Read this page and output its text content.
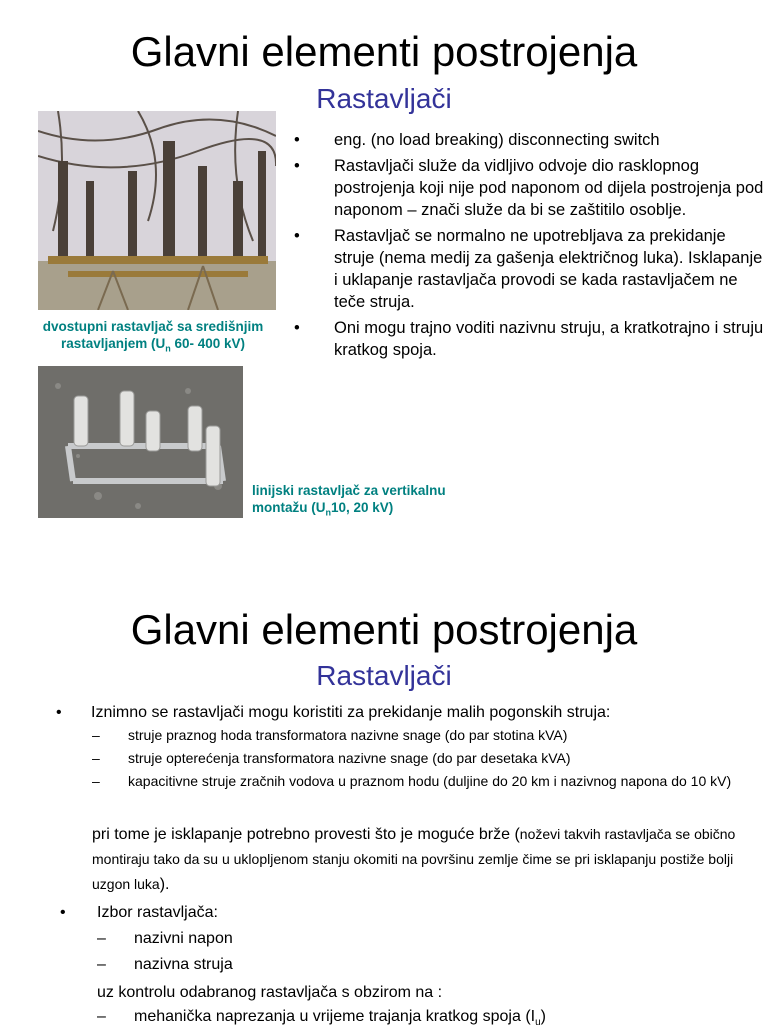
Glavni elementi postrojenja
Rastavljači
dvostupni rastavljač sa središnjim
rastavljanjem ($U_n$ 60- 400 kV)
linijski rastavljač za vertikalnu
montažu ($U_n10$, 20 kV)
• eng. (no load breaking) disconnecting switch
• Rastavljači služe da vidljivo odvoje dio rasklopnog postrojenja koji nije pod naponom od dijela postrojenja pod naponom – znači služe da bi se zaštitilo osoblje.
• Rastavljač se normalno ne upotrebljava za prekidanje struje (nema medij za gašenja električnog luka). Isklapanje i uklapanje rastavljača provodi se kada rastavljačem ne teče struja.
• Oni mogu trajno voditi nazivnu struju, a kratkotrajno i struju kratkog spoja.
Glavni elementi postrojenja
Rastavljači
•	Iznimno se rastavljači mogu koristiti za prekidanje malih pogonskih struja:
– struje praznog hoda transformatora nazivne snage (do par stotina kVA)
– struje opterećenja transformatora nazivne snage (do par desetaka kVA)
– kapacitivne struje zračnih vodova u praznom hodu (duljine do 20 km i nazivnog napona do 10 kV)
pri tome je isklapanje potrebno provesti što je moguće brže (noževi takvih rastavljača se obično montiraju tako da su u uklopljenom stanju okomiti na površinu zemlje čime se pri isklapanju postiže bolji uzgon luka).
•	Izbor rastavljača:
–	nazivni napon
–	nazivna struja
uz kontrolu odabranog rastavljača s obzirom na :
–	mehanička naprezanja u vrijeme trajanja kratkog spoja $(I_u)$
